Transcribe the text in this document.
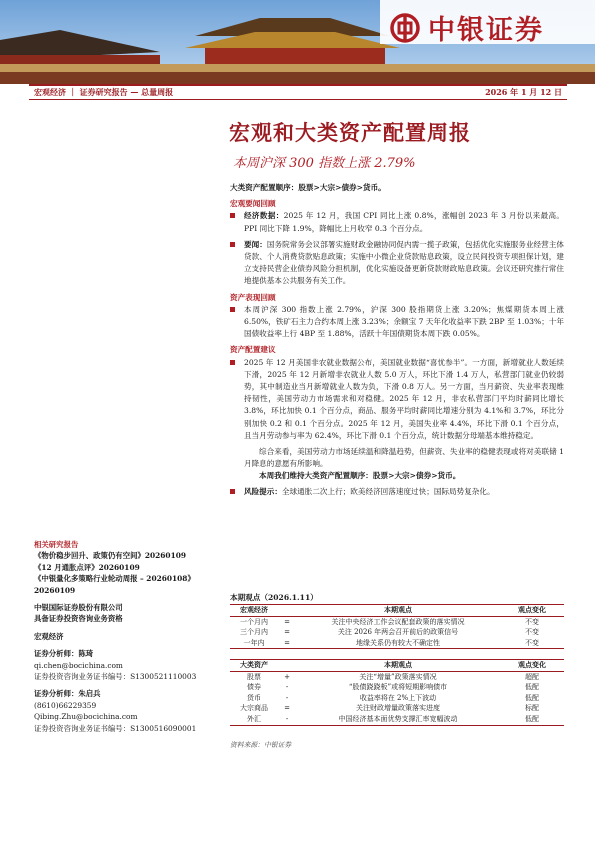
中银证券
宏观经济 ｜ 证券研究报告 — 总量周报	2026 年 1 月 12 日
宏观和大类资产配置周报
本周沪深 300 指数上涨 2.79%

大类资产配置顺序：股票>大宗>债券>货币。

宏观要闻回顾

经济数据：2025 年 12 月，我国 CPI 同比上涨 0.8%，涨幅创 2023 年 3 月份以来最高。PPI 同比下降 1.9%，降幅比上月收窄 0.3 个百分点。

要闻：国务院常务会议部署实施财政金融协同促内需一揽子政策，包括优化实施服务业经营主体贷款、个人消费贷款贴息政策；实施中小微企业贷款贴息政策，设立民间投资专项担保计划，建立支持民营企业债券风险分担机制，优化实施设备更新贷款财政贴息政策。会议还研究推行常住地提供基本公共服务有关工作。

资产表现回顾

本周沪深 300 指数上涨 2.79%，沪深 300 股指期货上涨 3.20%；焦煤期货本周上涨 6.50%，铁矿石主力合约本周上涨 3.23%；余额宝 7 天年化收益率下跌 2BP 至 1.03%；十年国债收益率上行 4BP 至 1.88%，活跃十年国债期货本周下跌 0.05%。

资产配置建议

2025 年 12 月美国非农就业数据公布，美国就业数据“喜忧参半”。一方面，新增就业人数延续下滑，2025 年 12 月新增非农就业人数 5.0 万人，环比下滑 1.4 万人，私营部门就业仍较弱势，其中制造业当月新增就业人数为负，下滑 0.8 万人。另一方面，当月薪资、失业率表现维持韧性，美国劳动力市场需求和对稳健。2025 年 12 月，非农私营部门平均时薪同比增长 3.8%，环比加快 0.1 个百分点，商品、服务平均时薪同比增速分别为 4.1%和 3.7%，环比分别加快 0.2 和 0.1 个百分点。2025 年 12 月，美国失业率 4.4%，环比下滑 0.1 个百分点，且当月劳动参与率为 62.4%，环比下滑 0.1 个百分点，统计数据分母端基本维持稳定。

综合来看，美国劳动力市场延续温和降温趋势，但薪资、失业率的稳健表现或将对美联储 1 月降息的意愿有所影响。

本周我们维持大类资产配置顺序：股票>大宗>债券>货币。

风险提示：全球通胀二次上行；欧美经济回落速度过快；国际局势复杂化。

本期观点（2026.1.11）
宏观经济		本期观点	观点变化
一个月内	=	关注中央经济工作会议配套政策的落实情况	不变
三个月内	=	关注 2026 年两会召开前后的政策信号	不变
一年内	=	地缘关系仍有较大不确定性	不变
大类资产		本期观点	观点变化
股票	+	关注“增量”政策落实情况	超配
债券	-	“股债跷跷板”或将短期影响债市	低配
货币	-	收益率将在 2%上下波动	低配
大宗商品	=	关注财政增量政策落实进度	标配
外汇	-	中国经济基本面优势支撑汇率宽幅波动	低配
资料来源：中银证券

相关研究报告

《物价稳步回升、政策仍有空间》20260109

《12 月通胀点评》20260109

《中银量化多策略行业轮动周报 – 20260108》20260109

中银国际证券股份有限公司

具备证券投资咨询业务资格

宏观经济

证券分析师：陈琦

qi.chen@bocichina.com

证券投资咨询业务证书编号：S1300521110003

证券分析师：朱启兵

(8610)66229359

Qibing.Zhu@bocichina.com

证券投资咨询业务证书编号：S1300516090001
